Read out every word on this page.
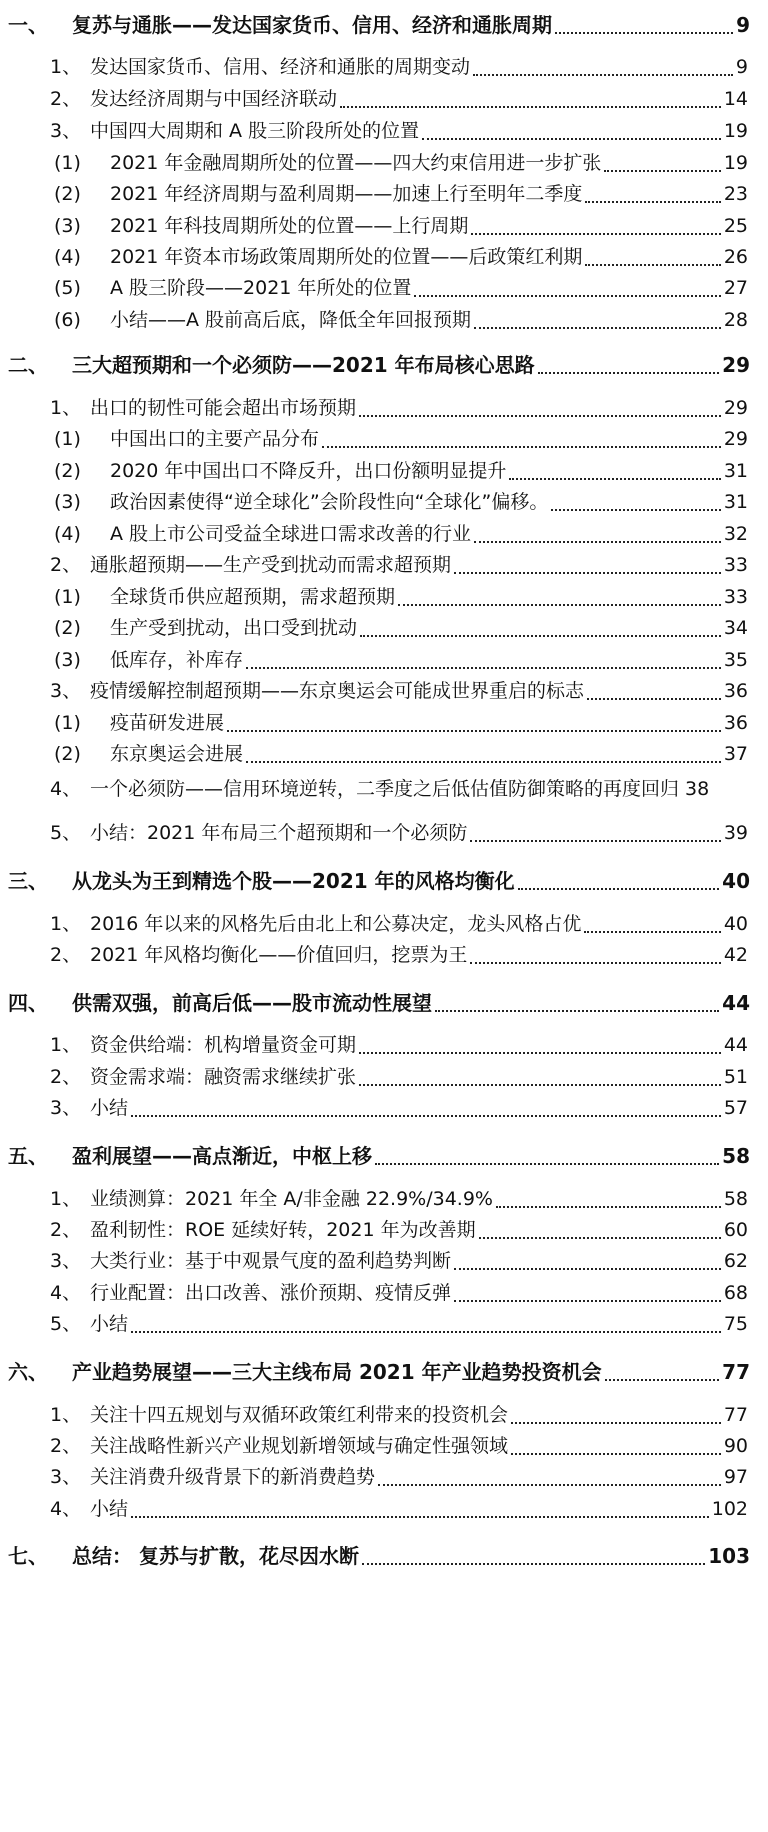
一、	复苏与通胀——发达国家货币、信用、经济和通胀周期	9
1、 发达国家货币、信用、经济和通胀的周期变动	9
2、 发达经济周期与中国经济联动	14
3、 中国四大周期和 A 股三阶段所处的位置	19
(1)	2021 年金融周期所处的位置——四大约束信用进一步扩张	19
(2)	2021 年经济周期与盈利周期——加速上行至明年二季度	23
(3)	2021 年科技周期所处的位置——上行周期	25
(4)	2021 年资本市场政策周期所处的位置——后政策红利期	26
(5)	A 股三阶段——2021 年所处的位置	27
(6)	小结——A 股前高后底，降低全年回报预期	28
二、	三大超预期和一个必须防——2021 年布局核心思路	29
1、 出口的韧性可能会超出市场预期	29
(1)	中国出口的主要产品分布	29
(2)	2020 年中国出口不降反升，出口份额明显提升	31
(3)	政治因素使得“逆全球化”会阶段性向“全球化”偏移。	31
(4)	A 股上市公司受益全球进口需求改善的行业	32
2、 通胀超预期——生产受到扰动而需求超预期	33
(1)	全球货币供应超预期，需求超预期	33
(2)	生产受到扰动，出口受到扰动	34
(3)	低库存，补库存	35
3、 疫情缓解控制超预期——东京奥运会可能成世界重启的标志	36
(1)	疫苗研发进展	36
(2)	东京奥运会进展	37
4、 一个必须防——信用环境逆转，二季度之后低估值防御策略的再度回归 38
5、 小结：2021 年布局三个超预期和一个必须防	39
三、	从龙头为王到精选个股——2021 年的风格均衡化	40
1、 2016 年以来的风格先后由北上和公募决定，龙头风格占优	40
2、 2021 年风格均衡化——价值回归，挖票为王	42
四、	供需双强，前高后低——股市流动性展望	44
1、 资金供给端：机构增量资金可期	44
2、 资金需求端：融资需求继续扩张	51
3、 小结	57
五、	盈利展望——高点渐近，中枢上移	58
1、 业绩测算：2021 年全 A/非金融 22.9%/34.9%	58
2、 盈利韧性：ROE 延续好转，2021 年为改善期	60
3、 大类行业：基于中观景气度的盈利趋势判断	62
4、 行业配置：出口改善、涨价预期、疫情反弹	68
5、 小结	75
六、	产业趋势展望——三大主线布局 2021 年产业趋势投资机会	77
1、 关注十四五规划与双循环政策红利带来的投资机会	77
2、 关注战略性新兴产业规划新增领域与确定性强领域	90
3、 关注消费升级背景下的新消费趋势	97
4、 小结	102
七、	总结： 复苏与扩散，花尽因水断	103
